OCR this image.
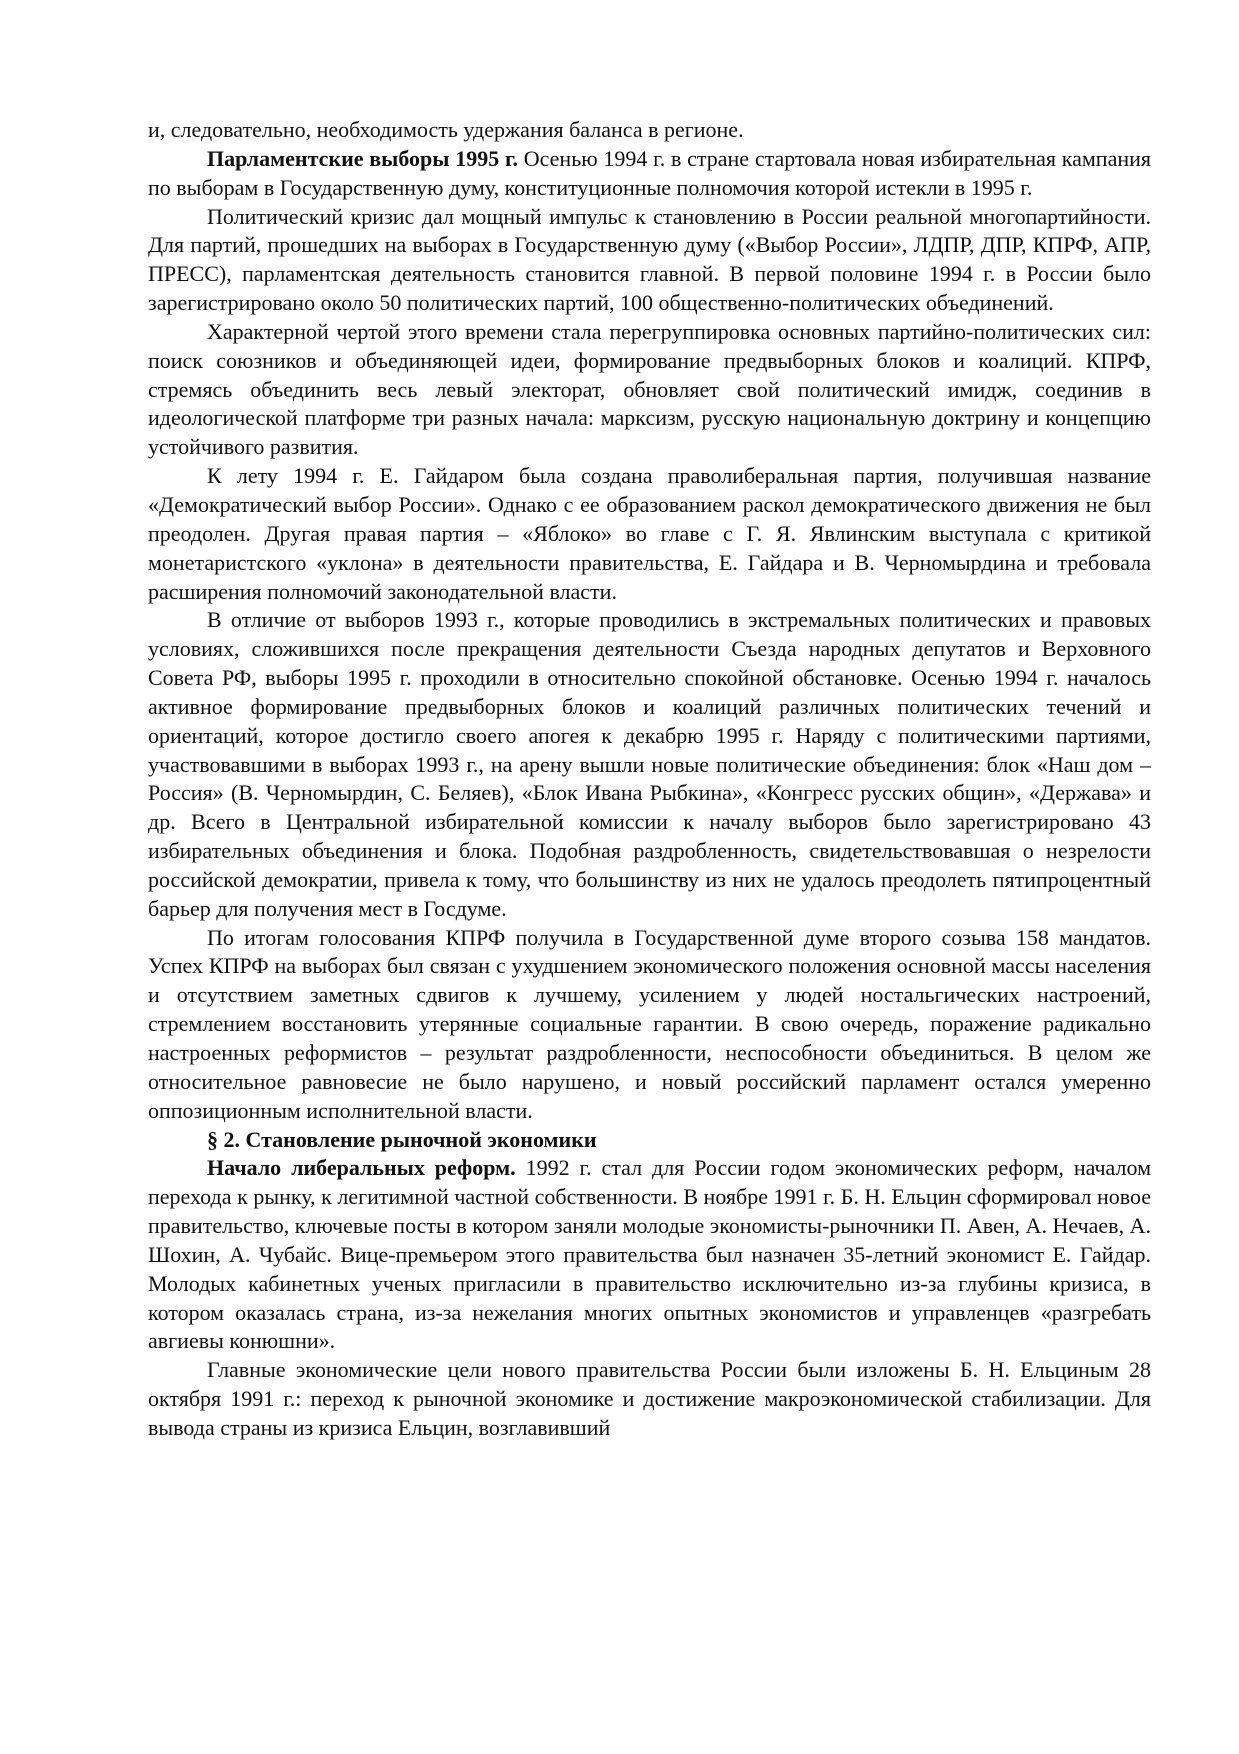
и, следовательно, необходимость удержания баланса в регионе.

Парламентские выборы 1995 г. Осенью 1994 г. в стране стартовала новая избирательная кампания по выборам в Государственную думу, конституционные полномочия которой истекли в 1995 г.

Политический кризис дал мощный импульс к становлению в России реальной многопартийности. Для партий, прошедших на выборах в Государственную думу («Выбор России», ЛДПР, ДПР, КПРФ, АПР, ПРЕСС), парламентская деятельность становится главной. В первой половине 1994 г. в России было зарегистрировано около 50 политических партий, 100 общественно-политических объединений.

Характерной чертой этого времени стала перегруппировка основных партийно-политических сил: поиск союзников и объединяющей идеи, формирование предвыборных блоков и коалиций. КПРФ, стремясь объединить весь левый электорат, обновляет свой политический имидж, соединив в идеологической платформе три разных начала: марксизм, русскую национальную доктрину и концепцию устойчивого развития.

К лету 1994 г. Е. Гайдаром была создана праволиберальная партия, получившая название «Демократический выбор России». Однако с ее образованием раскол демократического движения не был преодолен. Другая правая партия – «Яблоко» во главе с Г. Я. Явлинским выступала с критикой монетаристского «уклона» в деятельности правительства, Е. Гайдара и В. Черномырдина и требовала расширения полномочий законодательной власти.

В отличие от выборов 1993 г., которые проводились в экстремальных политических и правовых условиях, сложившихся после прекращения деятельности Съезда народных депутатов и Верховного Совета РФ, выборы 1995 г. проходили в относительно спокойной обстановке. Осенью 1994 г. началось активное формирование предвыборных блоков и коалиций различных политических течений и ориентаций, которое достигло своего апогея к декабрю 1995 г. Наряду с политическими партиями, участвовавшими в выборах 1993 г., на арену вышли новые политические объединения: блок «Наш дом – Россия» (В. Черномырдин, С. Беляев), «Блок Ивана Рыбкина», «Конгресс русских общин», «Держава» и др. Всего в Центральной избирательной комиссии к началу выборов было зарегистрировано 43 избирательных объединения и блока. Подобная раздробленность, свидетельствовавшая о незрелости российской демократии, привела к тому, что большинству из них не удалось преодолеть пятипроцентный барьер для получения мест в Госдуме.

По итогам голосования КПРФ получила в Государственной думе второго созыва 158 мандатов. Успех КПРФ на выборах был связан с ухудшением экономического положения основной массы населения и отсутствием заметных сдвигов к лучшему, усилением у людей ностальгических настроений, стремлением восстановить утерянные социальные гарантии. В свою очередь, поражение радикально настроенных реформистов – результат раздробленности, неспособности объединиться. В целом же относительное равновесие не было нарушено, и новый российский парламент остался умеренно оппозиционным исполнительной власти.

§ 2. Становление рыночной экономики

Начало либеральных реформ. 1992 г. стал для России годом экономических реформ, началом перехода к рынку, к легитимной частной собственности. В ноябре 1991 г. Б. Н. Ельцин сформировал новое правительство, ключевые посты в котором заняли молодые экономисты-рыночники П. Авен, А. Нечаев, А. Шохин, А. Чубайс. Вице-премьером этого правительства был назначен 35-летний экономист Е. Гайдар. Молодых кабинетных ученых пригласили в правительство исключительно из-за глубины кризиса, в котором оказалась страна, из-за нежелания многих опытных экономистов и управленцев «разгребать авгиевы конюшни».

Главные экономические цели нового правительства России были изложены Б. Н. Ельциным 28 октября 1991 г.: переход к рыночной экономике и достижение макроэкономической стабилизации. Для вывода страны из кризиса Ельцин, возглавивший
